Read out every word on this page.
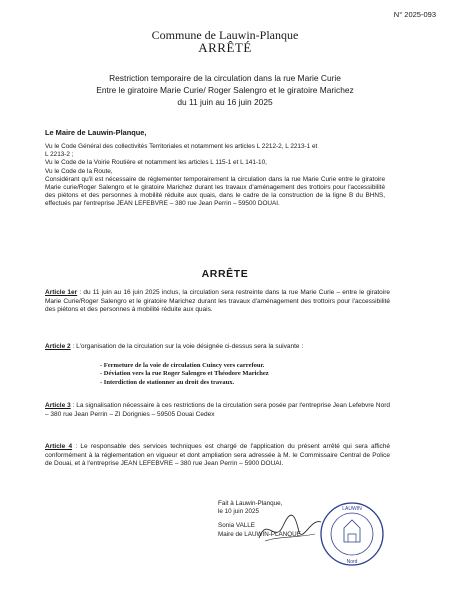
N° 2025-093
Commune de Lauwin-Planque
ARRÊTÉ
Restriction temporaire de la circulation dans la rue Marie Curie
Entre le giratoire Marie Curie/ Roger Salengro et le giratoire Marichez
du 11 juin au 16 juin 2025
Le Maire de Lauwin-Planque,

Vu le Code Général des collectivités Territoriales et notamment les articles L 2212-2, L 2213-1 et

L 2213-2 ;

Vu le Code de la Voirie Routière et notamment les articles L 115-1 et L 141-10,

Vu le Code de la Route,

Considérant qu'il est nécessaire de réglementer temporairement la circulation dans la rue Marie Curie entre le giratoire Marie curie/Roger Salengro et le giratoire Marichez durant les travaux d'aménagement des trottoirs pour l'accessibilité des piétons et des personnes à mobilité réduite aux quais, dans le cadre de la construction de la ligne B du BHNS, effectués par l'entreprise JEAN LEFEBVRE – 380 rue Jean Perrin – 59500 DOUAI.

ARRÊTE
Article 1er : du 11 juin au 16 juin 2025 inclus, la circulation sera restreinte dans la rue Marie Curie – entre le giratoire Marie Curie/Roger Salengro et le giratoire Marichez durant les travaux d'aménagement des trottoirs pour l'accessibilité des piétons et des personnes à mobilité réduite aux quais.
Article 2 : L'organisation de la circulation sur la voie désignée ci-dessus sera la suivante :
- Fermeture de la voie de circulation Cuincy vers carrefour.
- Déviation vers la rue Roger Salengro et Théodore Marichez
- Interdiction de stationner au droit des travaux.
Article 3 : La signalisation nécessaire à ces restrictions de la circulation sera posée par l'entreprise Jean Lefebvre Nord – 380 rue Jean Perrin – ZI Dorignies – 59505 Douai Cedex
Article 4 : Le responsable des services techniques est chargé de l'application du présent arrêté qui sera affiché conformément à la réglementation en vigueur et dont ampliation sera adressée à M. le Commissaire Central de Police de Douai, et à l'entreprise JEAN LEFEBVRE – 380 rue Jean Perrin – 5900 DOUAI.

Fait à Lauwin-Planque,

le 10 juin 2025

Sonia VALLE

Maire de LAUWIN-PLANQUE

LAUWIN
Nord
